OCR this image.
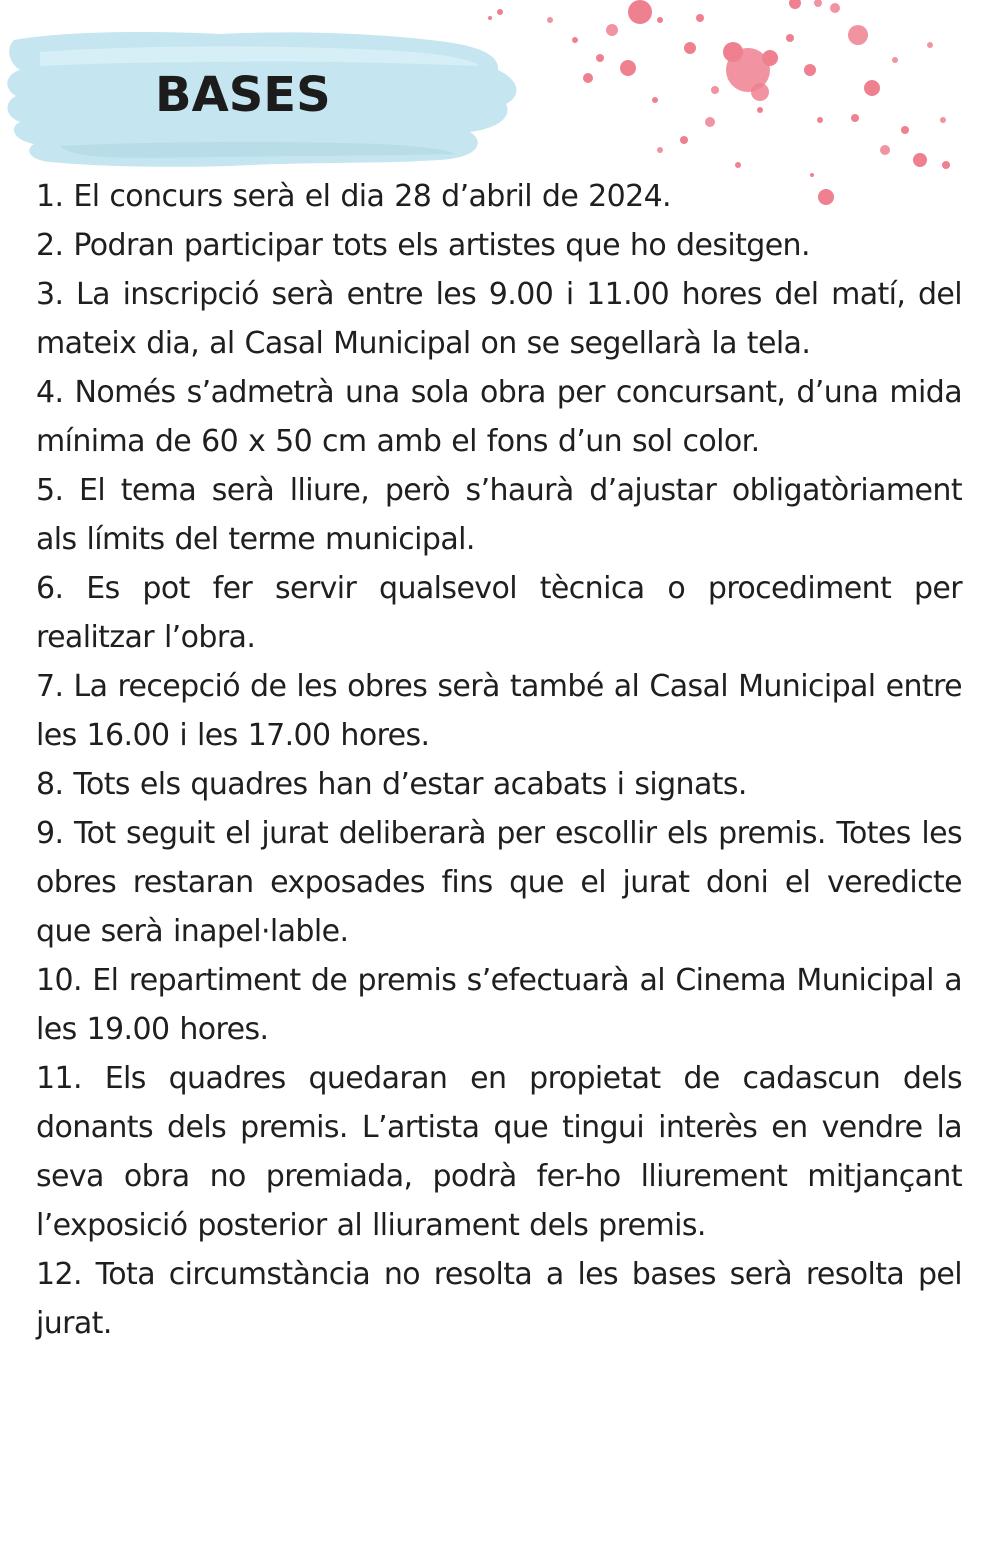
BASES
1. El concurs serà el dia 28 d’abril de 2024.
2. Podran participar tots els artistes que ho desitgen.
3. La inscripció serà entre les 9.00 i 11.00 hores del matí, del mateix dia, al Casal Municipal on se segellarà la tela.
4. Només s’admetrà una sola obra per concursant, d’una mida mínima de 60 x 50 cm amb el fons d’un sol color.
5. El tema serà lliure, però s’haurà d’ajustar obligatòriament als límits del terme municipal.
6. Es pot fer servir qualsevol tècnica o procediment per realitzar l’obra.
7. La recepció de les obres serà també al Casal Municipal entre les 16.00 i les 17.00 hores.
8. Tots els quadres han d’estar acabats i signats.
9. Tot seguit el jurat deliberarà per escollir els premis. Totes les obres restaran exposades fins que el jurat doni el veredicte que serà inapel·lable.
10. El repartiment de premis s’efectuarà al Cinema Municipal a les 19.00 hores.
11. Els quadres quedaran en propietat de cadascun dels donants dels premis. L’artista que tingui interès en vendre la seva obra no premiada, podrà fer-ho lliurement mitjançant l’exposició posterior al lliurament dels premis.
12. Tota circumstància no resolta a les bases serà resolta pel jurat.
